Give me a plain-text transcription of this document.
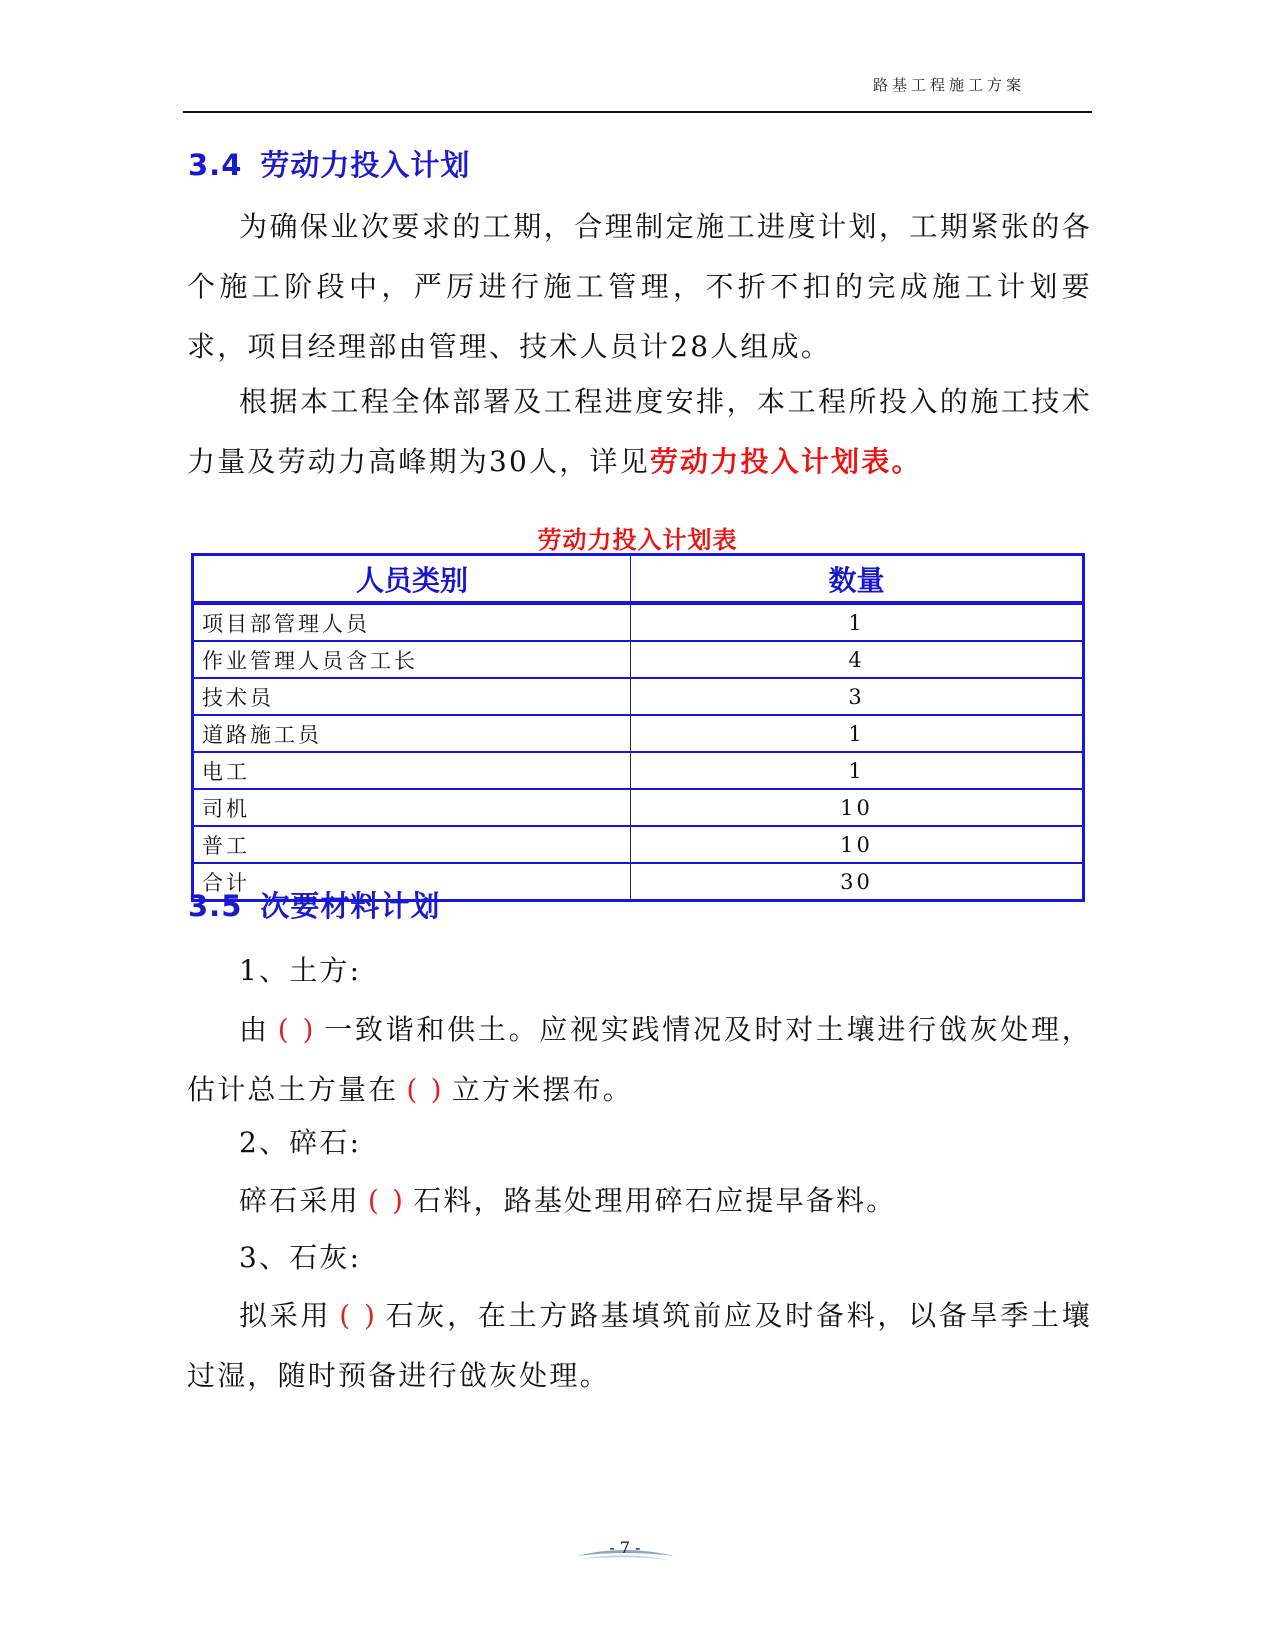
路基工程施工方案
3.4 劳动力投入计划

为确保业次要求的工期，合理制定施工进度计划，工期紧张的各个施工阶段中，严厉进行施工管理，不折不扣的完成施工计划要求，项目经理部由管理、技术人员计28人组成。

根据本工程全体部署及工程进度安排，本工程所投入的施工技术力量及劳动力高峰期为30人，详见劳动力投入计划表。

劳动力投入计划表
人员类别	数量
项目部管理人员	1
作业管理人员含工长	4
技术员	3
道路施工员	1
电工	1
司机	10
普工	10
合计	30
3.5 次要材料计划

1、土方:

由 ( ) 一致谐和供土。应视实践情况及时对土壤进行戗灰处理，估计总土方量在 ( ) 立方米摆布。

2、碎石:

碎石采用 ( ) 石料，路基处理用碎石应提早备料。

3、石灰:

拟采用 ( ) 石灰，在土方路基填筑前应及时备料，以备旱季土壤过湿，随时预备进行戗灰处理。

- 7 -
